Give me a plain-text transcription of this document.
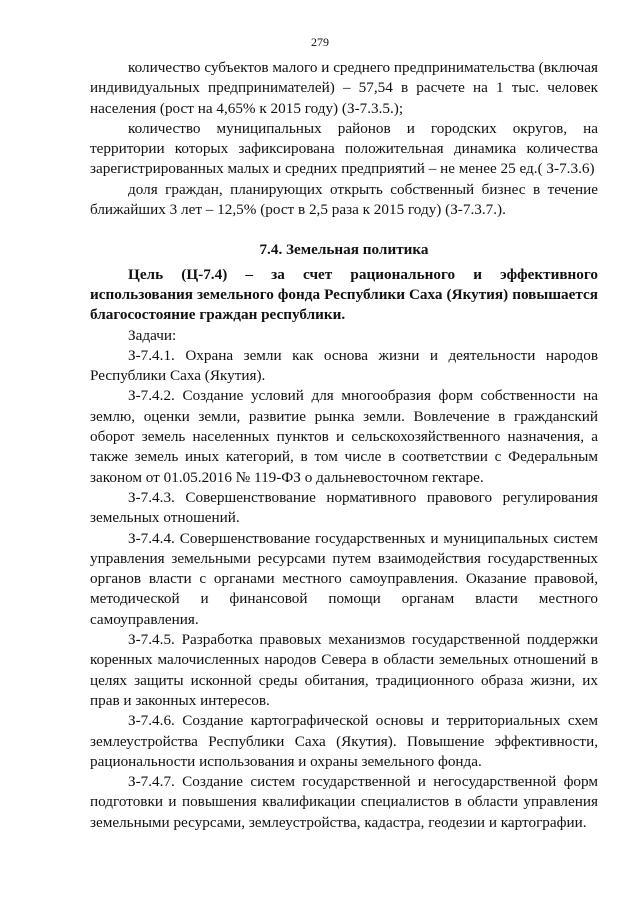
279

количество субъектов малого и среднего предпринимательства (включая индивидуальных предпринимателей) – 57,54 в расчете на 1 тыс. человек населения (рост на 4,65% к 2015 году) (З-7.3.5.);

количество муниципальных районов и городских округов, на территории которых зафиксирована положительная динамика количества зарегистрированных малых и средних предприятий – не менее 25 ед.( З-7.3.6)

доля граждан, планирующих открыть собственный бизнес в течение ближайших 3 лет – 12,5% (рост в 2,5 раза к 2015 году) (З-7.3.7.).

7.4. Земельная политика

Цель (Ц-7.4) – за счет рационального и эффективного использования земельного фонда Республики Саха (Якутия) повышается благосостояние граждан республики.

Задачи:

З-7.4.1. Охрана земли как основа жизни и деятельности народов Республики Саха (Якутия).

З-7.4.2. Создание условий для многообразия форм собственности на землю, оценки земли, развитие рынка земли. Вовлечение в гражданский оборот земель населенных пунктов и сельскохозяйственного назначения, а также земель иных категорий, в том числе в соответствии с Федеральным законом от 01.05.2016 № 119-ФЗ о дальневосточном гектаре.

З-7.4.3. Совершенствование нормативного правового регулирования земельных отношений.

З-7.4.4. Совершенствование государственных и муниципальных систем управления земельными ресурсами путем взаимодействия государственных органов власти с органами местного самоуправления. Оказание правовой, методической и финансовой помощи органам власти местного самоуправления.

З-7.4.5. Разработка правовых механизмов государственной поддержки коренных малочисленных народов Севера в области земельных отношений в целях защиты исконной среды обитания, традиционного образа жизни, их прав и законных интересов.

З-7.4.6. Создание картографической основы и территориальных схем землеустройства Республики Саха (Якутия). Повышение эффективности, рациональности использования и охраны земельного фонда.

З-7.4.7. Создание систем государственной и негосударственной форм подготовки и повышения квалификации специалистов в области управления земельными ресурсами, землеустройства, кадастра, геодезии и картографии.
